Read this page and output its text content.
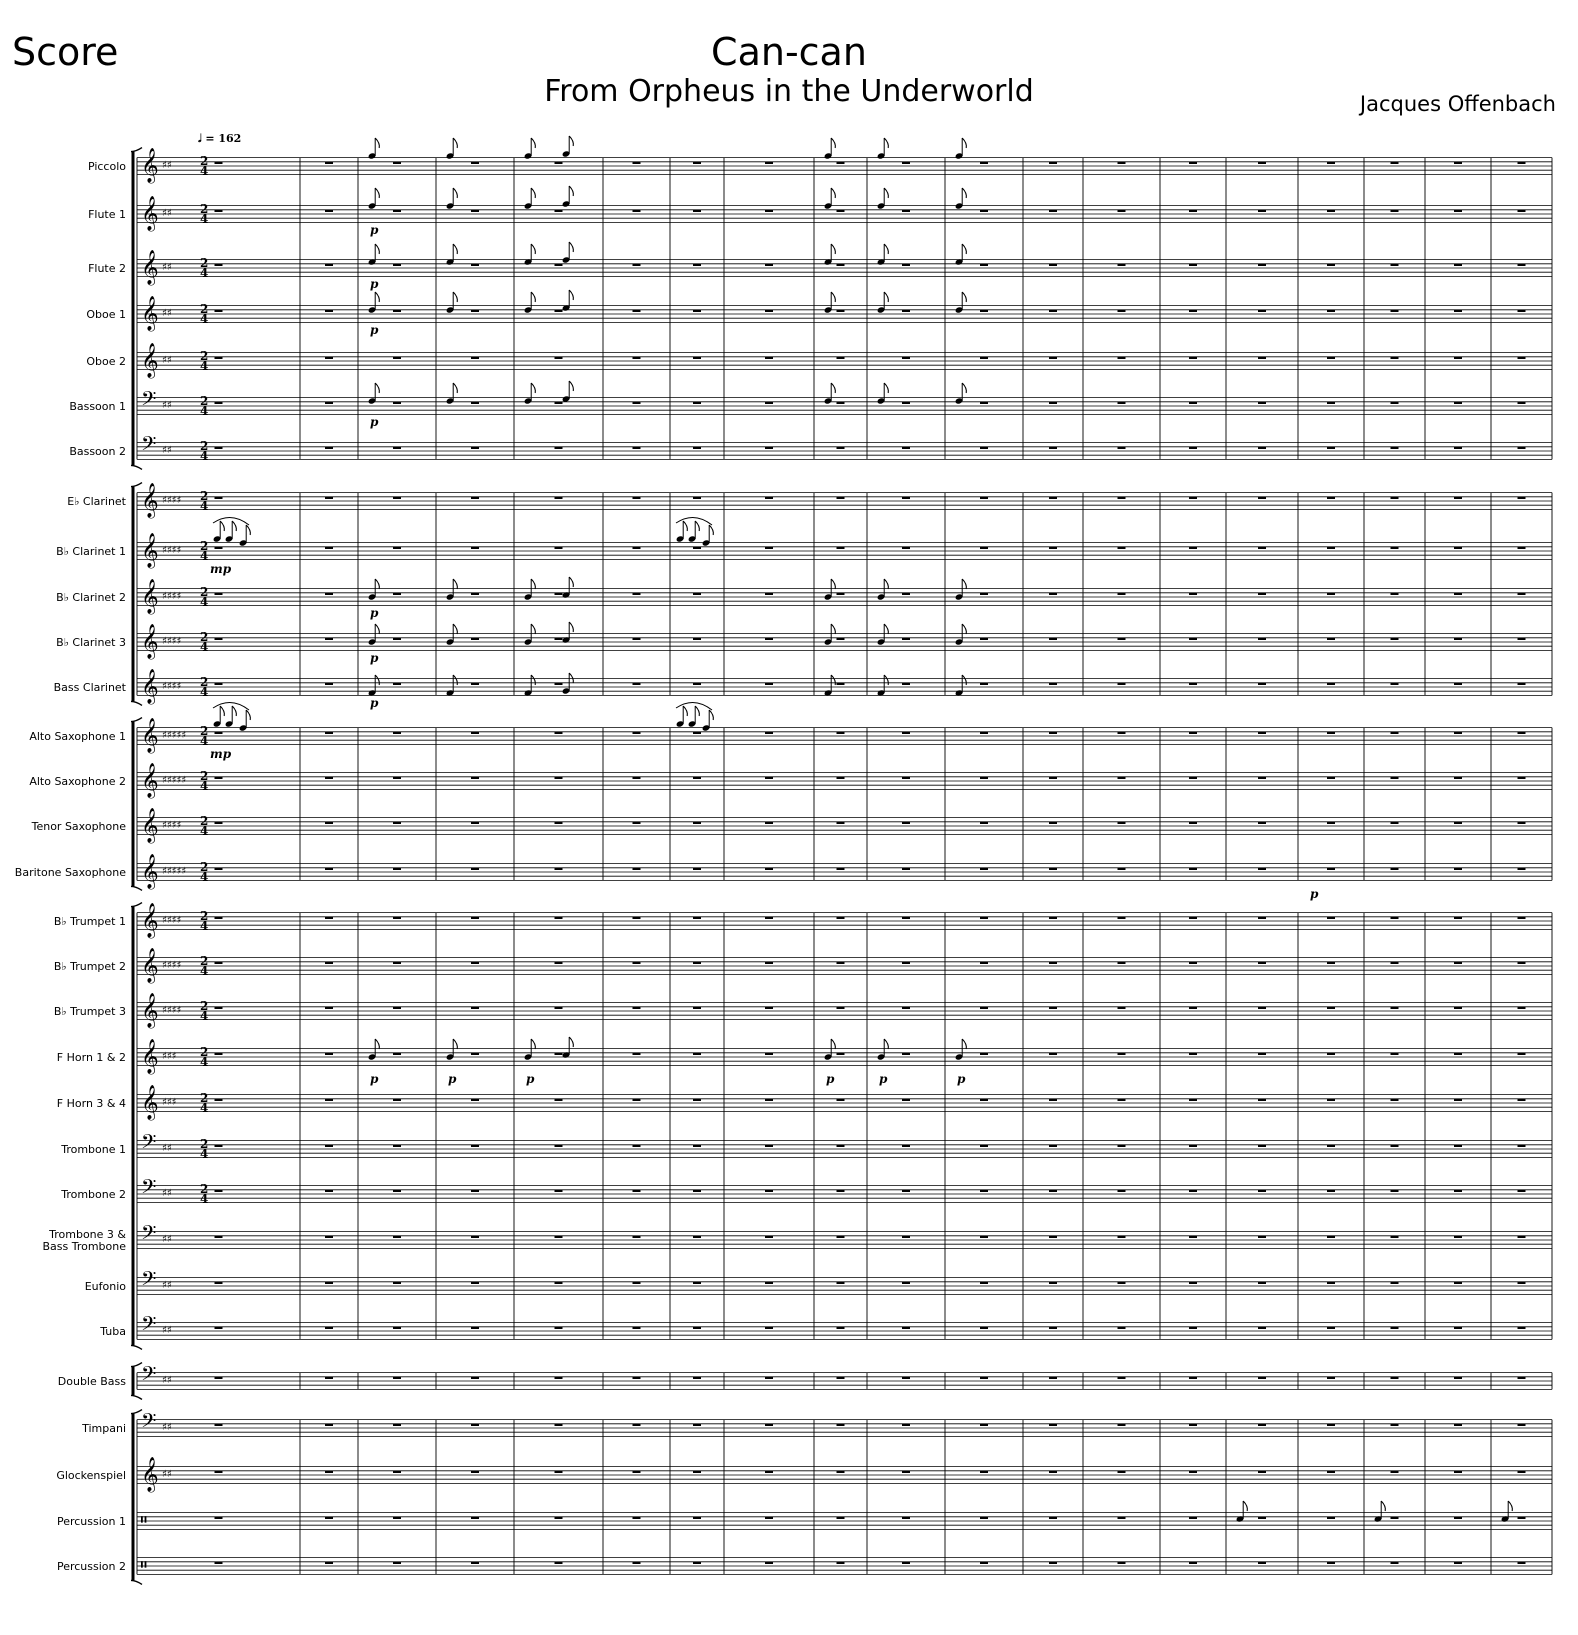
Score	Can-can
From Orpheus in the Underworld	Jacques Offenbach
Piccolo 𝄞 ♯♯ 2
4
Flute 1 𝄞 ♯♯ 2
4
Flute 2 𝄞 ♯♯ 2
4
Oboe 1 𝄞 ♯♯ 2
4
Oboe 2 𝄞 ♯♯ 2
4
Bassoon 1 𝄢 ♯♯ 2
4
Bassoon 2 𝄢 ♯♯ 2
4
E♭ Clarinet 𝄞 ♯♯♯♯ 2
4
B♭ Clarinet 1 𝄞 ♯♯♯♯ 2
4
B♭ Clarinet 2 𝄞 ♯♯♯♯ 2
4
B♭ Clarinet 3 𝄞 ♯♯♯♯ 2
4
Bass Clarinet 𝄞 ♯♯♯♯ 2
4
Alto Saxophone 1 𝄞 ♯♯♯♯♯ 2
4
Alto Saxophone 2 𝄞 ♯♯♯♯♯ 2
4
Tenor Saxophone 𝄞 ♯♯♯♯ 2
4
Baritone Saxophone 𝄞 ♯♯♯♯♯ 2
4
B♭ Trumpet 1 𝄞 ♯♯♯♯ 2
4
B♭ Trumpet 2 𝄞 ♯♯♯♯ 2
4
B♭ Trumpet 3 𝄞 ♯♯♯♯ 2
4
F Horn 1 & 2 𝄞 ♯♯♯ 2
4
F Horn 3 & 4 𝄞 ♯♯♯ 2
4
Trombone 1 𝄢 ♯♯ 2
4
Trombone 2 𝄢 ♯♯ 2
4
Trombone 3 &
Bass Trombone 𝄢 ♯♯
Eufonio 𝄢 ♯♯
Tuba 𝄢 ♯♯
Double Bass 𝄢 ♯♯
Timpani 𝄢 ♯♯
Glockenspiel 𝄞 ♯♯
Percussion 1 𝄥
Percussion 2 𝄥
𝅗𝅥 = 162
p
p
p
p
p
p
p
p	p	p	p	p	p
mp
mp
p
